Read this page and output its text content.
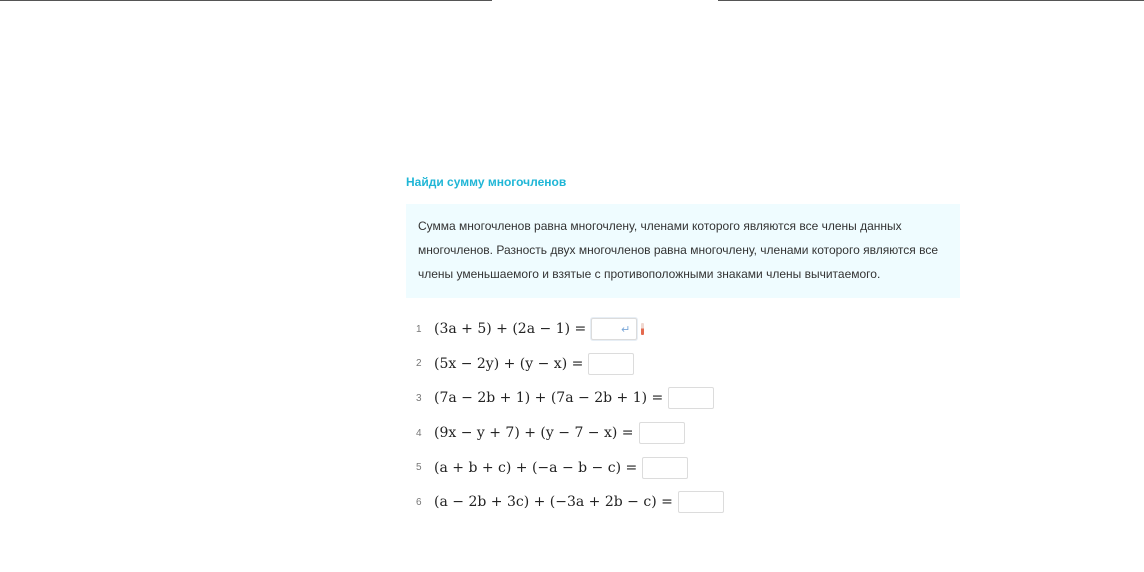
Найди сумму многочленов
Сумма многочленов равна многочлену, членами которого являются все члены данных многочленов. Разность двух многочленов равна многочлену, членами которого являются все члены уменьшаемого и взятые с противоположными знаками члены вычитаемого.
1 (3a + 5) + (2a − 1) =	↵
2 (5x − 2y) + (y − x) =
3 (7a − 2b + 1) + (7a − 2b + 1) =
4 (9x − y + 7) + (y − 7 − x) =
5 (a + b + c) + (−a − b − c) =
6 (a − 2b + 3c) + (−3a + 2b − c) =
